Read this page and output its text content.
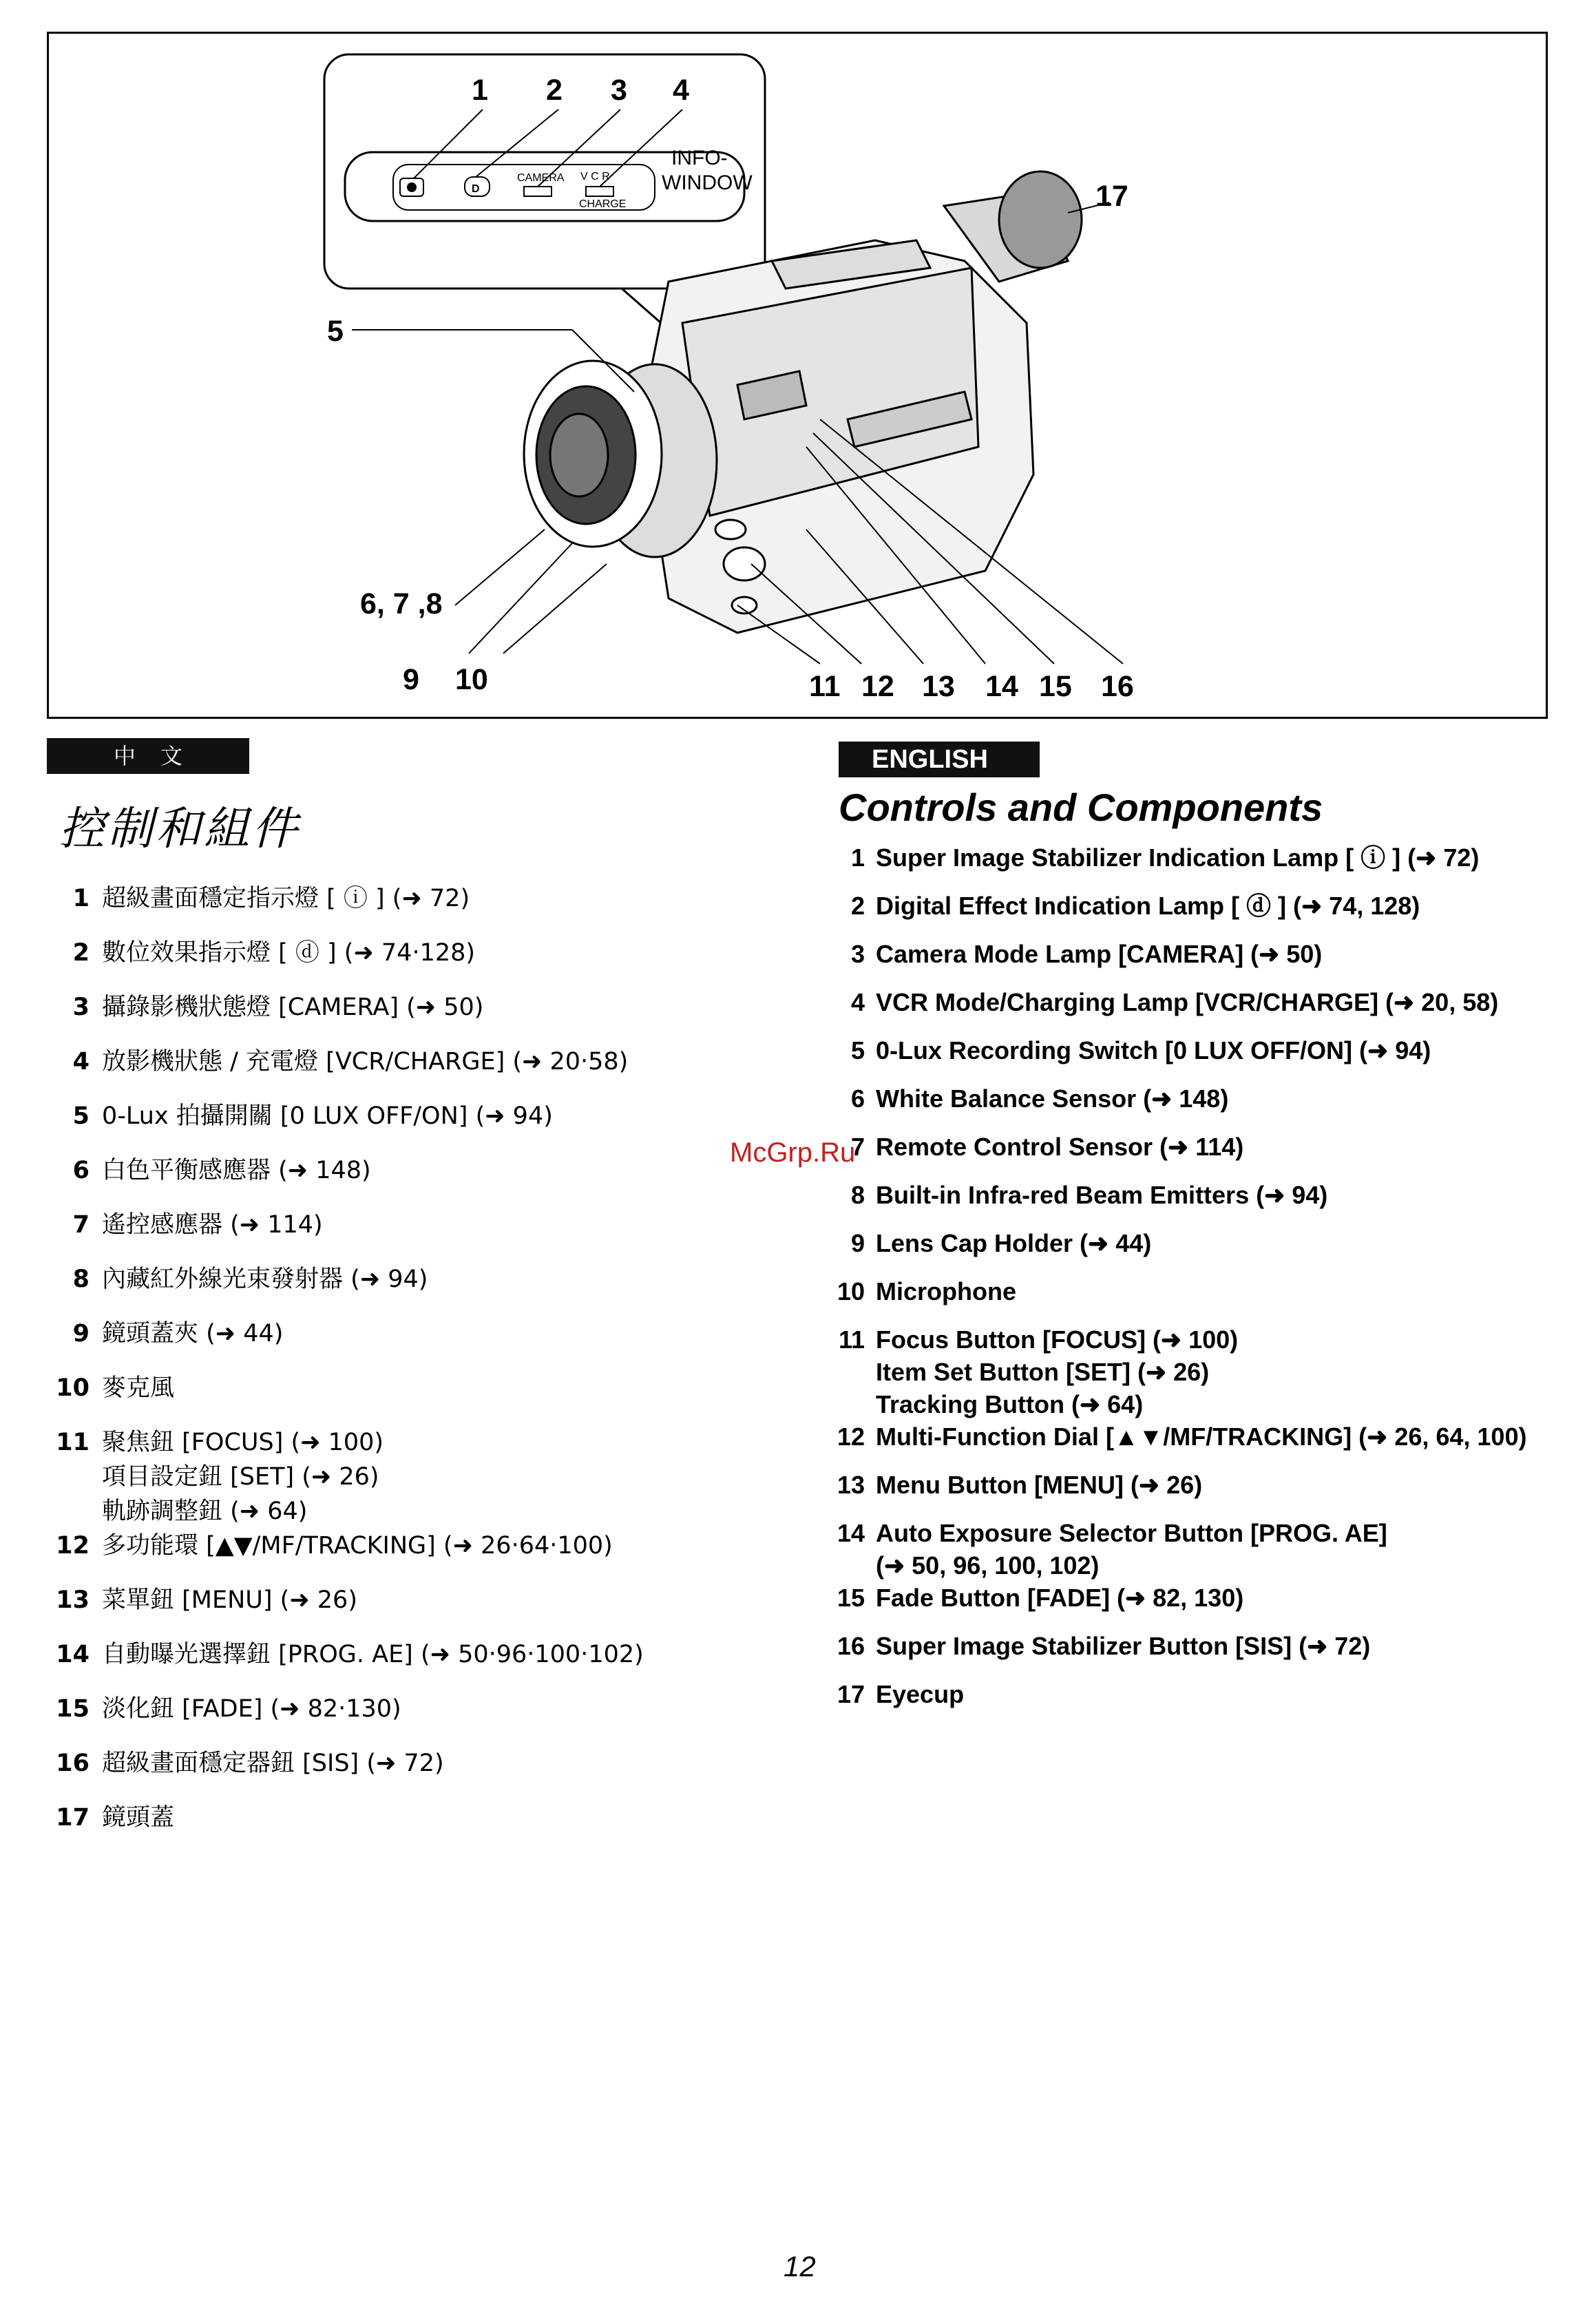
D
CAMERA V C R
CHARGE
INFO-
WINDOW
1 2 3 4
5
6, 7 ,8
9 10	11 12 13 14 15 16
17
中文
控制和組件
1 超級畫面穩定指示燈 [ ⓘ ] (➜ 72)
2 數位效果指示燈 [ ⓓ ] (➜ 74‧128)
3 攝錄影機狀態燈 [CAMERA] (➜ 50)
4 放影機狀態 / 充電燈 [VCR/CHARGE] (➜ 20‧58)
5 0-Lux 拍攝開關 [0 LUX OFF/ON] (➜ 94)
6 白色平衡感應器 (➜ 148)
7 遙控感應器 (➜ 114)
8 內藏紅外線光束發射器 (➜ 94)
9 鏡頭蓋夾 (➜ 44)
10 麥克風
11 聚焦鈕 [FOCUS] (➜ 100)
項目設定鈕 [SET] (➜ 26)
軌跡調整鈕 (➜ 64)
12 多功能環 [▲▼/MF/TRACKING] (➜ 26‧64‧100)
13 菜單鈕 [MENU] (➜ 26)
14 自動曝光選擇鈕 [PROG. AE] (➜ 50‧96‧100‧102)
15 淡化鈕 [FADE] (➜ 82‧130)
16 超級畫面穩定器鈕 [SIS] (➜ 72)
17 鏡頭蓋
ENGLISH
Controls and Components
1 Super Image Stabilizer Indication Lamp [ ⓘ ] (➜ 72)
2 Digital Effect Indication Lamp [ ⓓ ] (➜ 74, 128)
3 Camera Mode Lamp [CAMERA] (➜ 50)
4 VCR Mode/Charging Lamp [VCR/CHARGE] (➜ 20, 58)
5 0-Lux Recording Switch [0 LUX OFF/ON] (➜ 94)
6 White Balance Sensor (➜ 148)
7 Remote Control Sensor (➜ 114)
8 Built-in Infra-red Beam Emitters (➜ 94)
9 Lens Cap Holder (➜ 44)
10 Microphone
11 Focus Button [FOCUS] (➜ 100)
Item Set Button [SET] (➜ 26)
Tracking Button (➜ 64)
12 Multi-Function Dial [▲▼/MF/TRACKING] (➜ 26, 64, 100)
13 Menu Button [MENU] (➜ 26)
14 Auto Exposure Selector Button [PROG. AE]
(➜ 50, 96, 100, 102)
15 Fade Button [FADE] (➜ 82, 130)
16 Super Image Stabilizer Button [SIS] (➜ 72)
17 Eyecup
McGrp.Ru
12
